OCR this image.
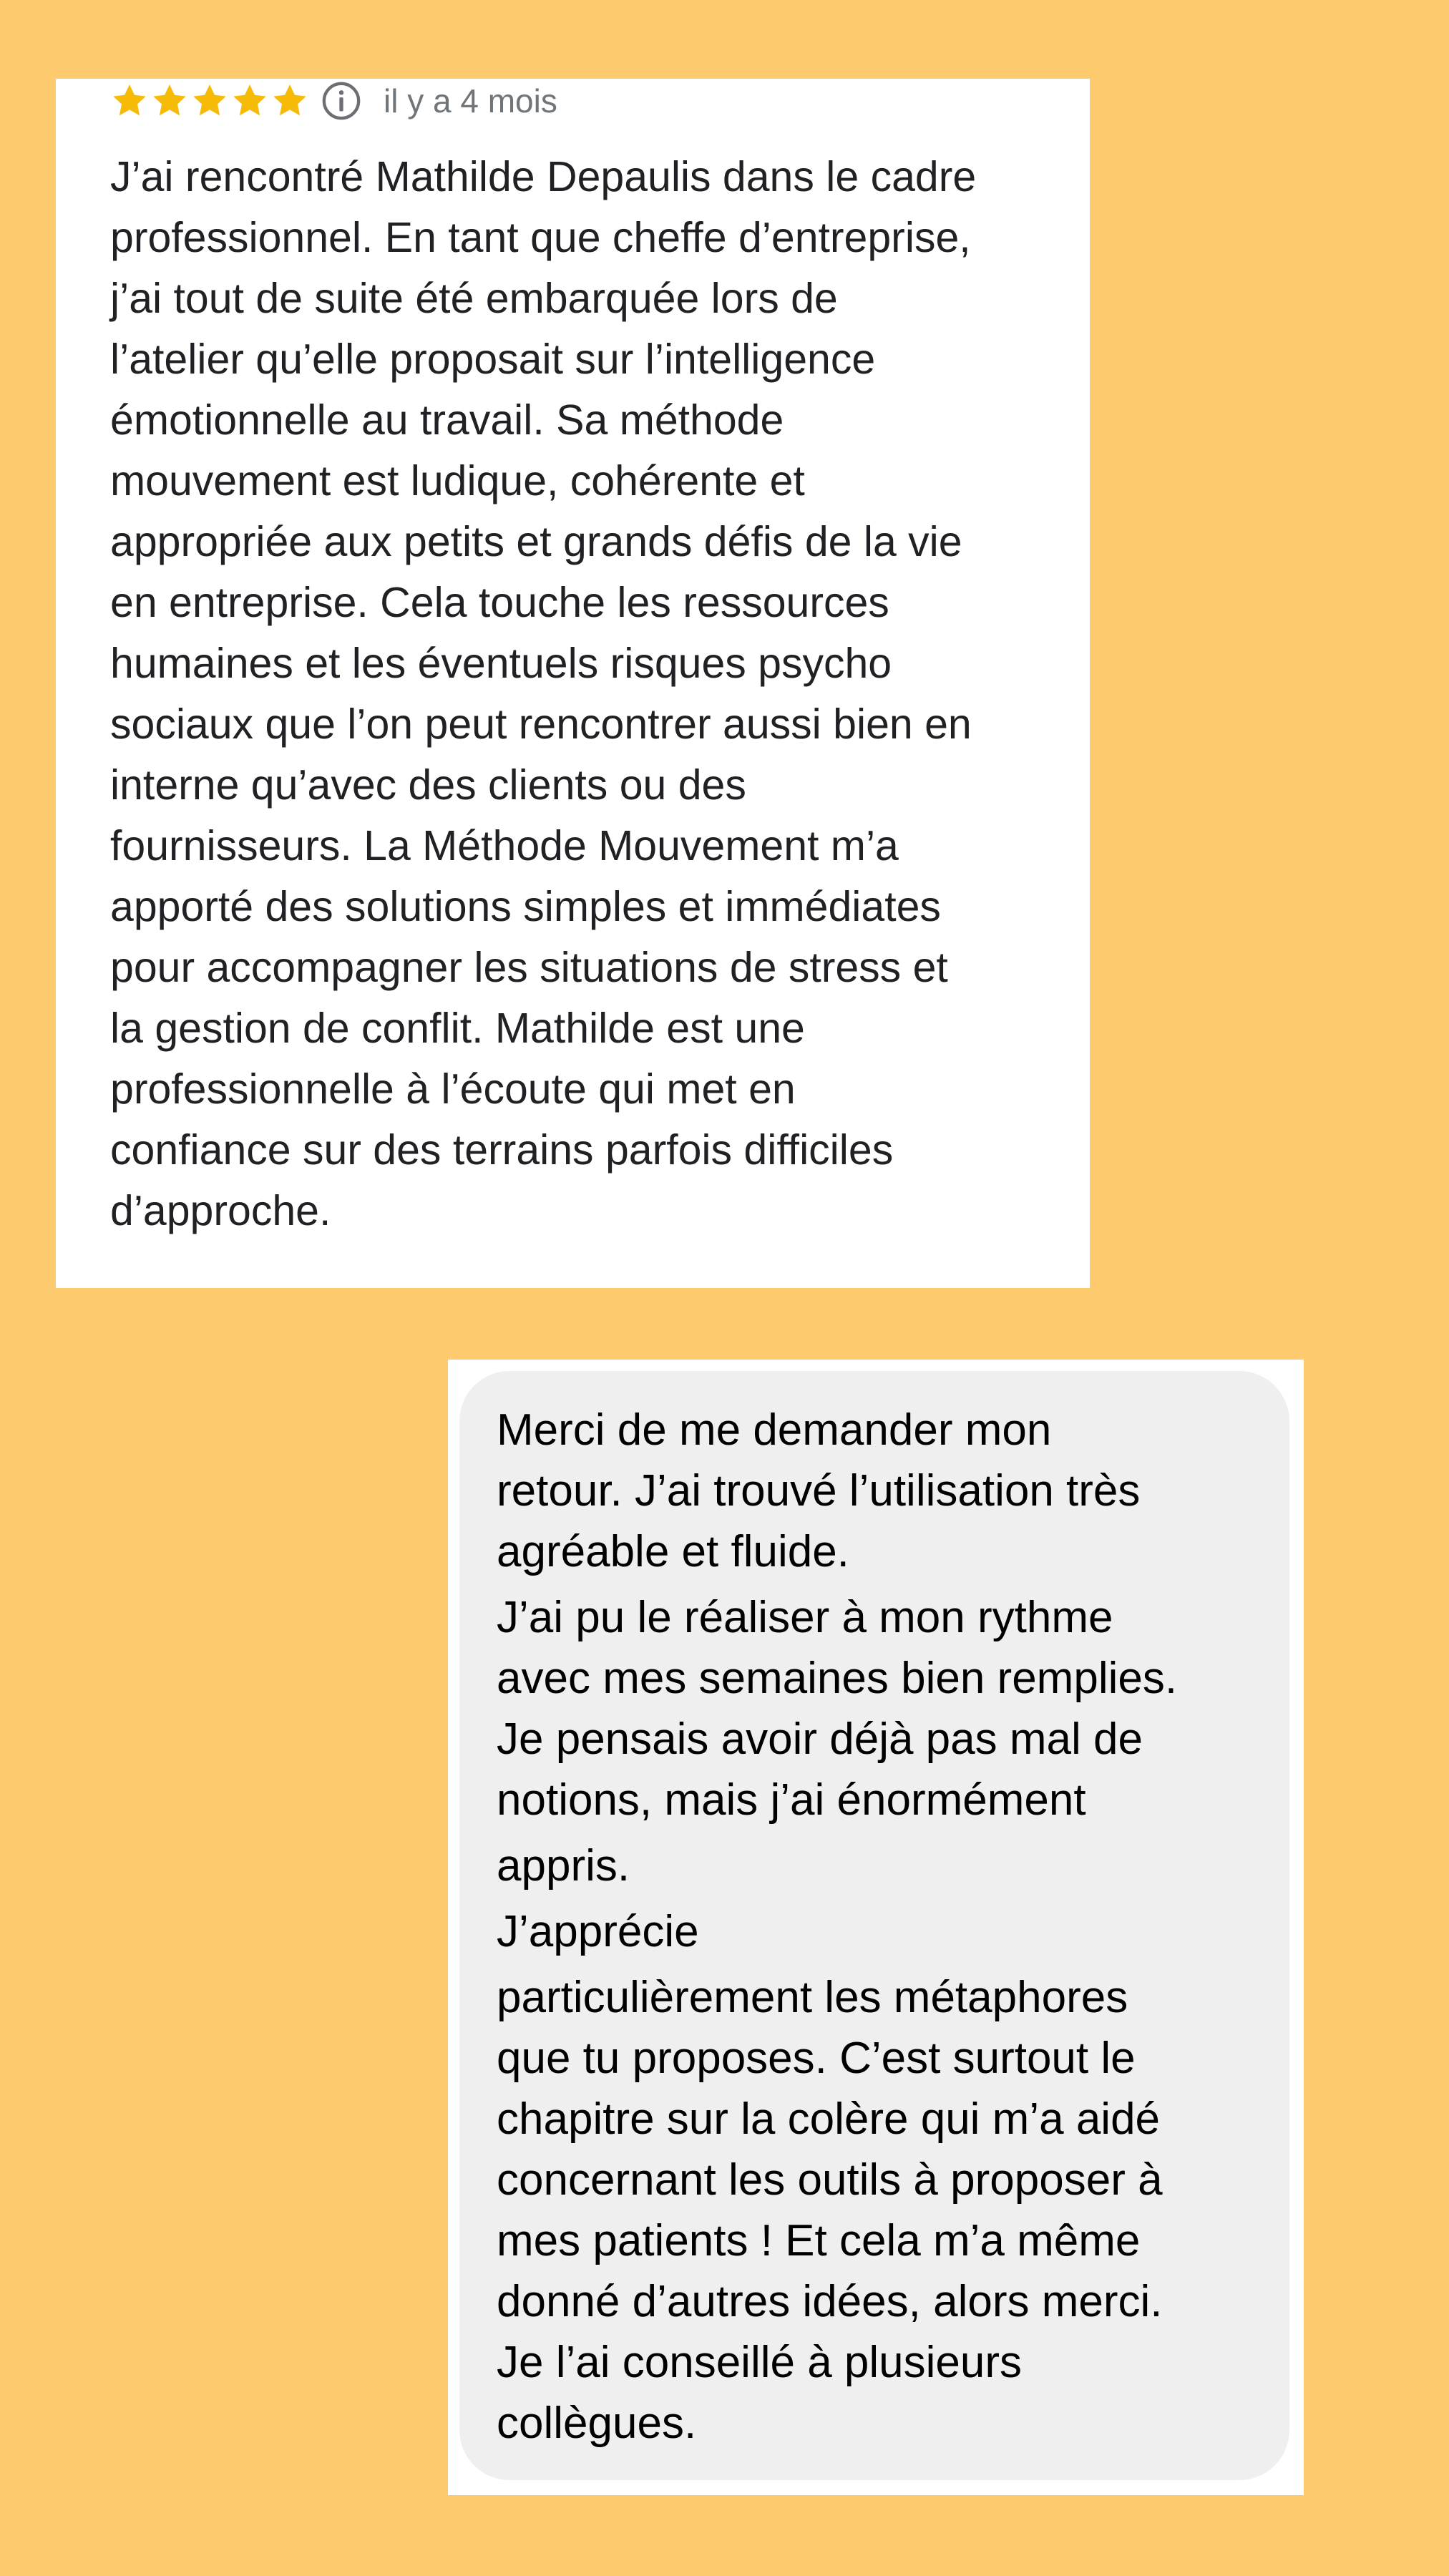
il y a 4 mois

J’ai rencontré Mathilde Depaulis dans le cadre
professionnel. En tant que cheffe d’entreprise,
j’ai tout de suite été embarquée lors de
l’atelier qu’elle proposait sur l’intelligence
émotionnelle au travail. Sa méthode
mouvement est ludique, cohérente et
appropriée aux petits et grands défis de la vie
en entreprise. Cela touche les ressources
humaines et les éventuels risques psycho
sociaux que l’on peut rencontrer aussi bien en
interne qu’avec des clients ou des
fournisseurs. La Méthode Mouvement m’a
apporté des solutions simples et immédiates
pour accompagner les situations de stress et
la gestion de conflit. Mathilde est une
professionnelle à l’écoute qui met en
confiance sur des terrains parfois difficiles
d’approche.

Merci de me demander mon
retour. J’ai trouvé l’utilisation très
agréable et fluide.
J’ai pu le réaliser à mon rythme
avec mes semaines bien remplies.
Je pensais avoir déjà pas mal de
notions, mais j’ai énormément
appris.
J’apprécie
particulièrement les métaphores
que tu proposes. C’est surtout le
chapitre sur la colère qui m’a aidé
concernant les outils à proposer à
mes patients ! Et cela m’a même
donné d’autres idées, alors merci.
Je l’ai conseillé à plusieurs
collègues.
